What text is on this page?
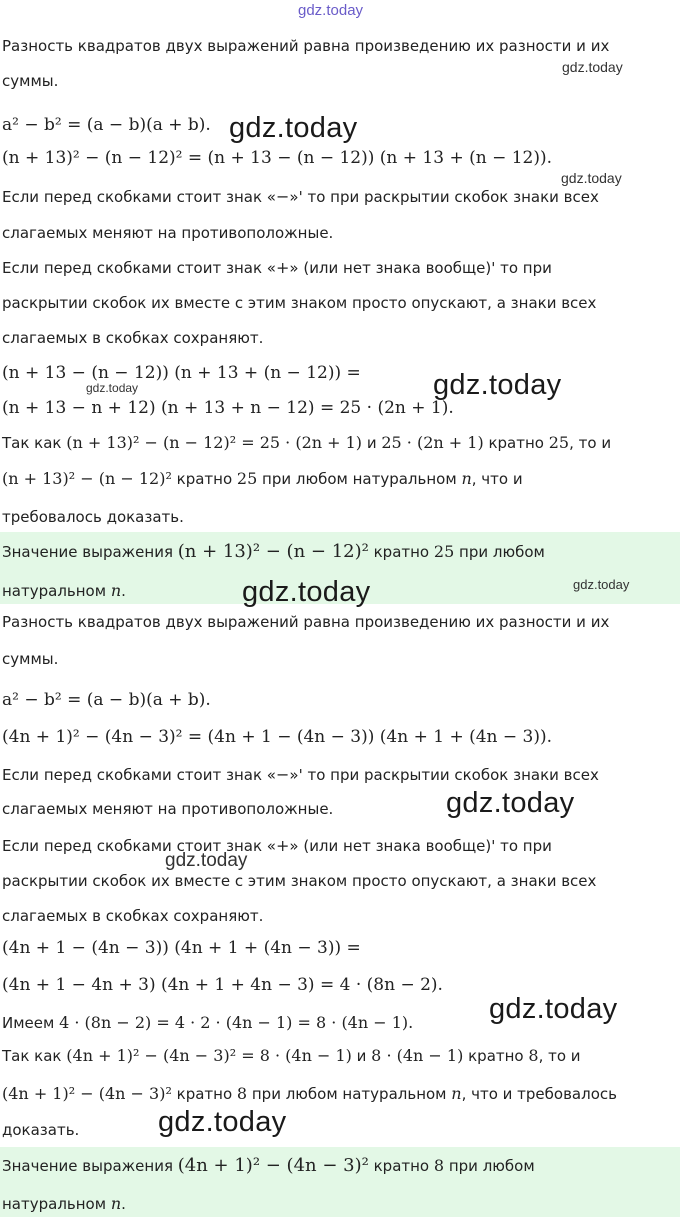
gdz.today
gdz.today
gdz.today
gdz.today
gdz.today	gdz.today
gdz.today
gdz.today
gdz.today
gdz.today
gdz.today
gdz.today
Разность квадратов двух выражений равна произведению их разности и их
суммы.
a² − b² = (a − b)(a + b).
(n + 13)² − (n − 12)² = (n + 13 − (n − 12)) (n + 13 + (n − 12)).
Если перед скобками стоит знак «−»' то при раскрытии скобок знаки всех
слагаемых меняют на противоположные.
Если перед скобками стоит знак «+» (или нет знака вообще)' то при
раскрытии скобок их вместе с этим знаком просто опускают, а знаки всех
слагаемых в скобках сохраняют.
(n + 13 − (n − 12)) (n + 13 + (n − 12)) =
(n + 13 − n + 12) (n + 13 + n − 12) = 25 · (2n + 1).
Так как (n + 13)² − (n − 12)² = 25 · (2n + 1) и 25 · (2n + 1) кратно 25, то и
(n + 13)² − (n − 12)² кратно 25 при любом натуральном n, что и
требовалось доказать.
Значение выражения (n + 13)² − (n − 12)² кратно 25 при любом
натуральном n.
Разность квадратов двух выражений равна произведению их разности и их
суммы.
a² − b² = (a − b)(a + b).
(4n + 1)² − (4n − 3)² = (4n + 1 − (4n − 3)) (4n + 1 + (4n − 3)).
Если перед скобками стоит знак «−»' то при раскрытии скобок знаки всех
слагаемых меняют на противоположные.
Если перед скобками стоит знак «+» (или нет знака вообще)' то при
раскрытии скобок их вместе с этим знаком просто опускают, а знаки всех
слагаемых в скобках сохраняют.
(4n + 1 − (4n − 3)) (4n + 1 + (4n − 3)) =
(4n + 1 − 4n + 3) (4n + 1 + 4n − 3) = 4 · (8n − 2).
Имеем 4 · (8n − 2) = 4 · 2 · (4n − 1) = 8 · (4n − 1).
Так как (4n + 1)² − (4n − 3)² = 8 · (4n − 1) и 8 · (4n − 1) кратно 8, то и
(4n + 1)² − (4n − 3)² кратно 8 при любом натуральном n, что и требовалось
доказать.
Значение выражения (4n + 1)² − (4n − 3)² кратно 8 при любом
натуральном n.
